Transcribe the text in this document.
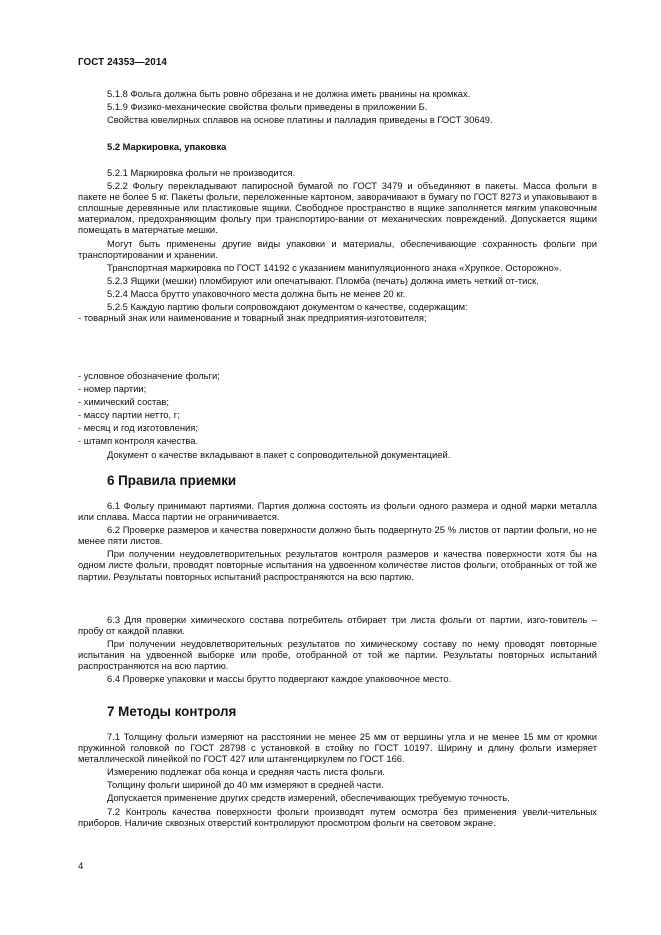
ГОСТ 24353—2014

5.1.8 Фольга должна быть ровно обрезана и не должна иметь рванины на кромках.

5.1.9 Физико-механические свойства фольги приведены в приложении Б.

Свойства ювелирных сплавов на основе платины и палладия приведены в ГОСТ 30649.

5.2 Маркировка, упаковка

5.2.1 Маркировка фольги не производится.

5.2.2 Фольгу перекладывают папиросной бумагой по ГОСТ 3479 и объединяют в пакеты. Масса фольги в пакете не более 5 кг. Пакеты фольги, переложенные картоном, заворачивают в бумагу по ГОСТ 8273 и упаковывают в сплошные деревянные или пластиковые ящики. Свободное пространство в ящике заполняется мягким упаковочным материалом, предохраняющим фольгу при транспортиро-вании от механических повреждений. Допускается ящики помещать в матерчатые мешки.

Могут быть применены другие виды упаковки и материалы, обеспечивающие сохранность фольги при транспортировании и хранении.

Транспортная маркировка по ГОСТ 14192 с указанием манипуляционного знака «Хрупкое. Осторожно».

5.2.3 Ящики (мешки) пломбируют или опечатывают. Пломба (печать) должна иметь четкий от-тиск.

5.2.4 Масса брутто упаковочного места должна быть не менее 20 кг.

5.2.5 Каждую партию фольги сопровождают документом о качестве, содержащим:

- товарный знак или наименование и товарный знак предприятия-изготовителя;

- условное обозначение фольги;

- номер партии;

- химический состав;

- массу партии нетто, г;

- месяц и год изготовления;

- штамп контроля качества.

Документ о качестве вкладывают в пакет с сопроводительной документацией.

6 Правила приемки

6.1 Фольгу принимают партиями. Партия должна состоять из фольги одного размера и одной марки металла или сплава. Масса партии не ограничивается.

6.2 Проверке размеров и качества поверхности должно быть подвергнуто 25 % листов от партии фольги, но не менее пяти листов.

При получении неудовлетворительных результатов контроля размеров и качества поверхности хотя бы на одном листе фольги, проводят повторные испытания на удвоенном количестве листов фольги, отобранных от той же партии. Результаты повторных испытаний распространяются на всю партию.

6.3 Для проверки химического состава потребитель отбирает три листа фольги от партии, изго-товитель – пробу от каждой плавки.

При получении неудовлетворительных результатов по химическому составу по нему проводят повторные испытания на удвоенной выборке или пробе, отобранной от той же партии. Результаты повторных испытаний распространяются на всю партию.

6.4 Проверке упаковки и массы брутто подвергают каждое упаковочное место.

7 Методы контроля

7.1 Толщину фольги измеряют на расстоянии не менее 25 мм от вершины угла и не менее 15 мм от кромки пружинной головкой по ГОСТ 28798 с установкой в стойку по ГОСТ 10197. Ширину и длину фольги измеряет металлической линейкой по ГОСТ 427 или штангенциркулем по ГОСТ 166.

Измерению подлежат оба конца и средняя часть листа фольги.

Толщину фольги шириной до 40 мм измеряют в средней части.

Допускается применение других средств измерений, обеспечивающих требуемую точность.

7.2 Контроль качества поверхности фольги производят путем осмотра без применения увели-чительных приборов. Наличие сквозных отверстий контролируют просмотром фольги на световом экране.

4
